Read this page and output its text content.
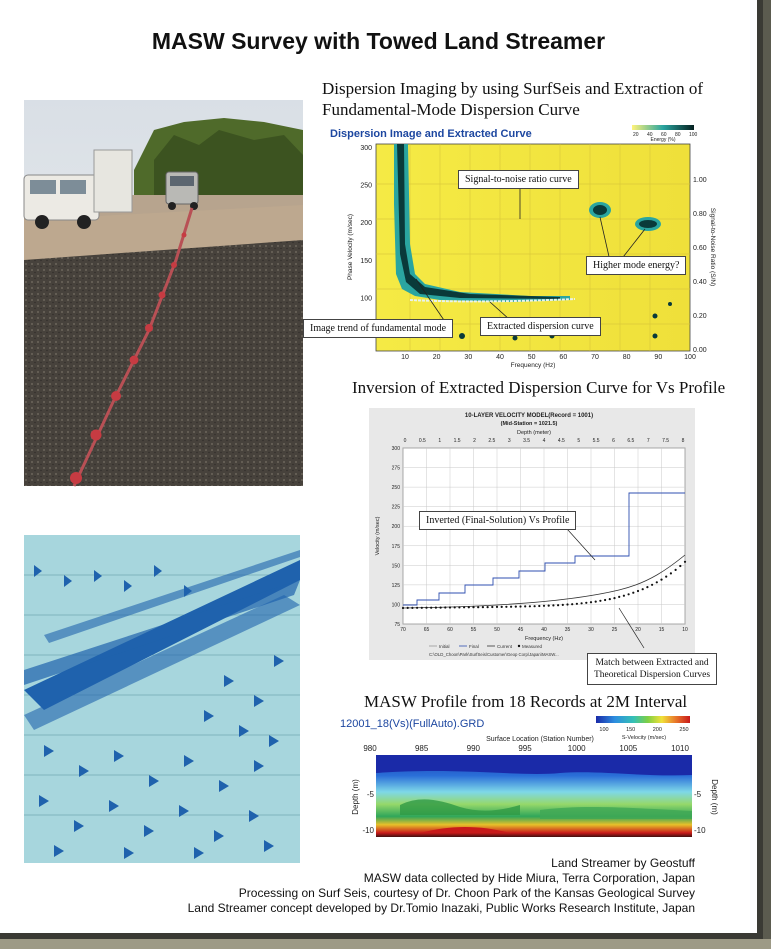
MASW Survey with Towed Land Streamer
Dispersion Imaging by using SurfSeis and Extraction of
Fundamental-Mode Dispersion Curve
Dispersion Image and Extracted Curve	20 40 60 80 100
Energy (%)
300
250
200
150
100
10	20	30	40	50	60	70	80	90	100
1.00
0.80
0.60
0.40
0.20
0.00
Phase Velocity (m/sec)
Frequency (Hz)
Signal-to-Noise Ratio (S/N)
Signal-to-noise ratio curve
Higher mode energy?
Image trend of fundamental mode	Extracted dispersion curve
Inversion of Extracted Dispersion Curve for Vs Profile
10-LAYER VELOCITY MODEL(Record = 1001)
(Mid-Station = 1021.5)
Depth (meter)
0	0.5	1	1.5	2	2.5	3	3.5	4	4.5	5	5.5	6	6.5	7	7.5	8
300
275
250
225
200
175
150
125
100
75
70	65	60	55	50	45	40	35	30	25	20	15	10
Velocity (m/sec)
Frequency (Hz)
Initial	Final	Current Measured
C:\OLD_Choon\Park\SurfSeis\Customer\Geop Corp\Japan\MASW...
Inverted (Final-Solution) Vs Profile
Match between Extracted and
Theoretical Dispersion Curves
MASW Profile from 18 Records at 2M Interval
12001_18(Vs)(FullAuto).GRD	100	150	200	250
S-Velocity (m/sec)
Surface Location (Station Number)
980	985	990	995	1000	1005	1010
-5
-10
-5
-10
Depth (m)	Depth (m)
Land Streamer by Geostuff
MASW data collected by Hide Miura, Terra Corporation, Japan
Processing on Surf Seis, courtesy of Dr. Choon Park of the Kansas Geological Survey
Land Streamer concept developed by Dr.Tomio Inazaki, Public Works Research Institute, Japan
